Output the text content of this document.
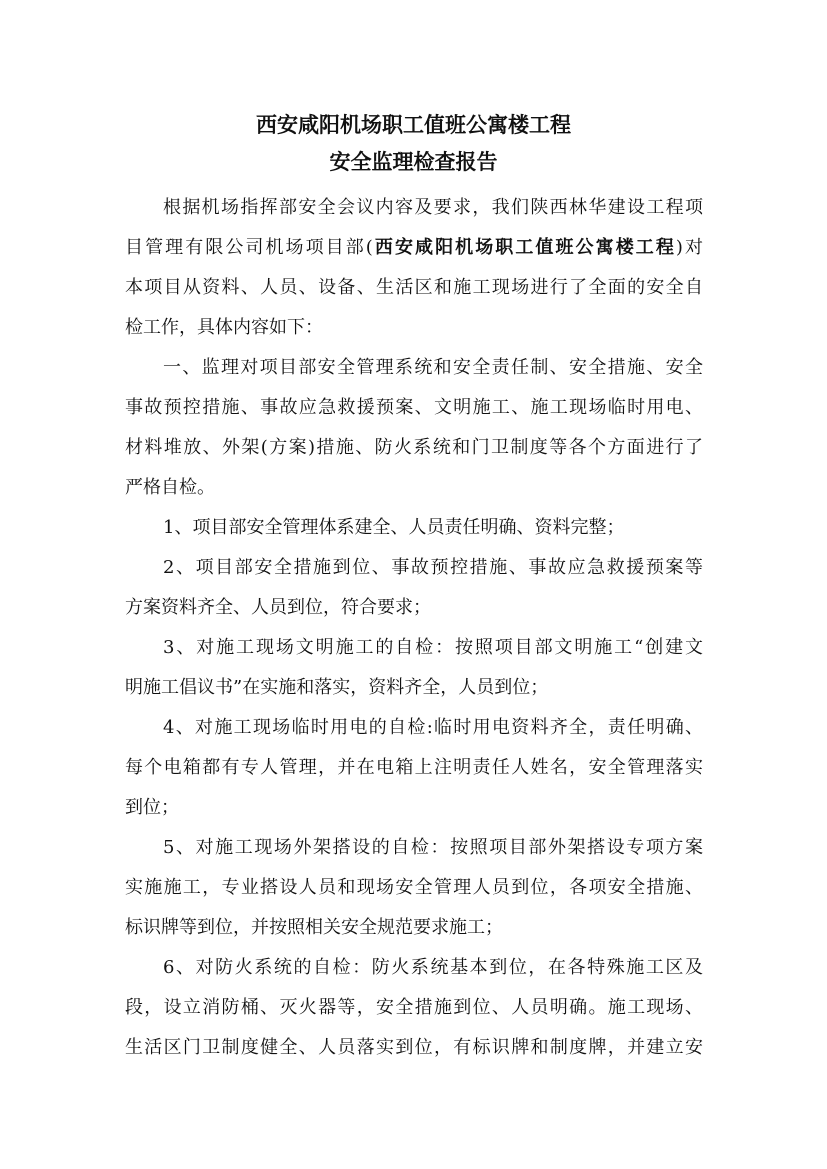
西安咸阳机场职工值班公寓楼工程
安全监理检查报告
根据机场指挥部安全会议内容及要求，我们陕西林华建设工程项
目管理有限公司机场项目部(西安咸阳机场职工值班公寓楼工程)对
本项目从资料、人员、设备、生活区和施工现场进行了全面的安全自
检工作，具体内容如下：
一、监理对项目部安全管理系统和安全责任制、安全措施、安全
事故预控措施、事故应急救援预案、文明施工、施工现场临时用电、
材料堆放、外架(方案)措施、防火系统和门卫制度等各个方面进行了
严格自检。
1、项目部安全管理体系建全、人员责任明确、资料完整；
2、项目部安全措施到位、事故预控措施、事故应急救援预案等
方案资料齐全、人员到位，符合要求；
3、对施工现场文明施工的自检：按照项目部文明施工“创建文
明施工倡议书”在实施和落实，资料齐全，人员到位；
4、对施工现场临时用电的自检:临时用电资料齐全，责任明确、
每个电箱都有专人管理，并在电箱上注明责任人姓名，安全管理落实
到位；
5、对施工现场外架搭设的自检：按照项目部外架搭设专项方案
实施施工，专业搭设人员和现场安全管理人员到位，各项安全措施、
标识牌等到位，并按照相关安全规范要求施工；
6、对防火系统的自检：防火系统基本到位，在各特殊施工区及
段，设立消防桶、灭火器等，安全措施到位、人员明确。施工现场、
生活区门卫制度健全、人员落实到位，有标识牌和制度牌，并建立安
